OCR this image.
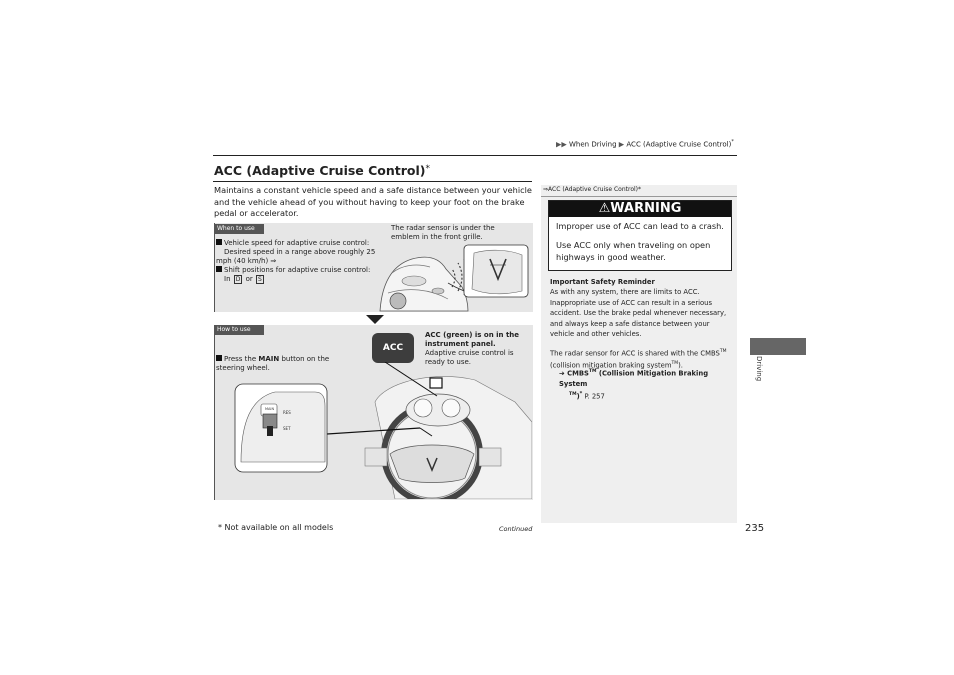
▶▶ When Driving ▶ ACC (Adaptive Cruise Control)*
ACC (Adaptive Cruise Control)*
Maintains a constant vehicle speed and a safe distance between your vehicle and the vehicle ahead of you without having to keep your foot on the brake pedal or accelerator.
When to use
Vehicle speed for adaptive cruise control:
Desired speed in a range above roughly 25 mph (40 km/h) ⇒
Shift positions for adaptive cruise control:
In D or S
The radar sensor is under the emblem in the front grille.
How to use
Press the MAIN button on the steering wheel.
ACC (green) is on in the instrument panel.
Adaptive cruise control is ready to use.
ACC
RES
SET
MAIN
⇒ACC (Adaptive Cruise Control)*
⚠WARNING
Improper use of ACC can lead to a crash.
Use ACC only when traveling on open highways in good weather.
Important Safety Reminder
As with any system, there are limits to ACC. Inappropriate use of ACC can result in a serious accident. Use the brake pedal whenever necessary, and always keep a safe distance between your vehicle and other vehicles.
The radar sensor for ACC is shared with the CMBS™
(collision mitigation braking system™).
➔ CMBS™ (Collision Mitigation Braking System
™)* P. 257
Driving
* Not available on all models	Continued	235
